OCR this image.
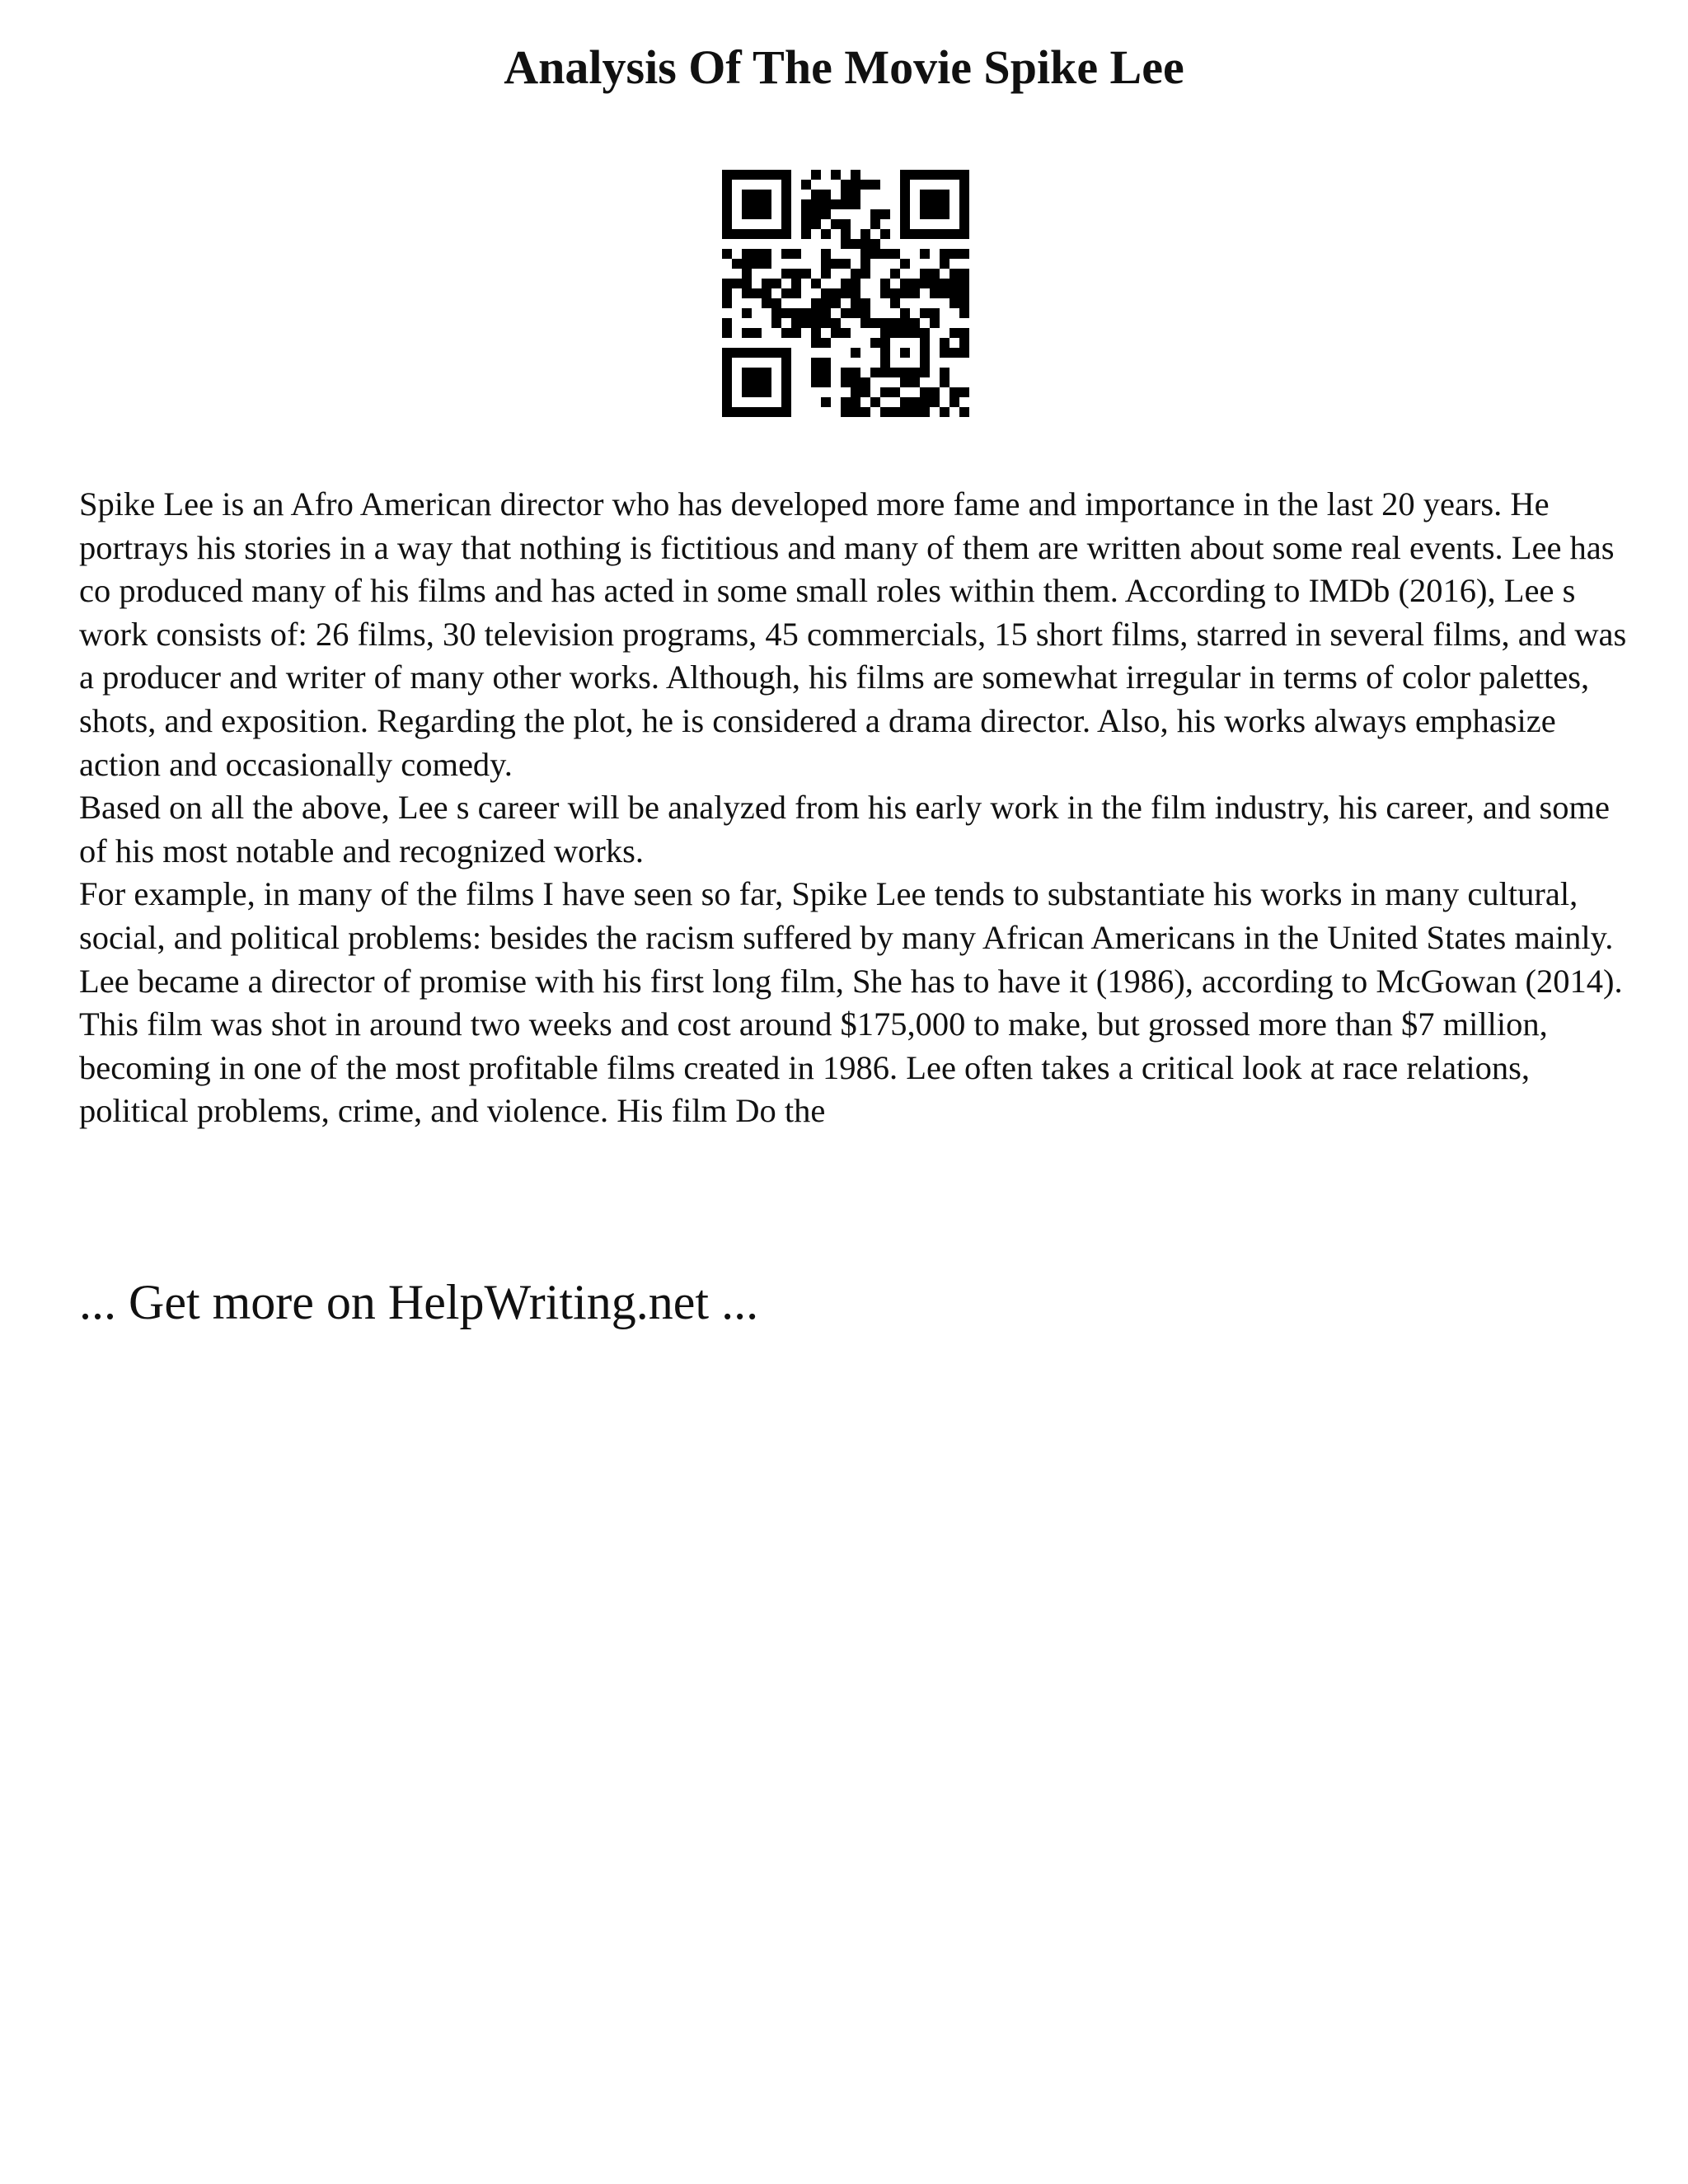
Analysis Of The Movie Spike Lee

Spike Lee is an Afro American director who has developed more fame and importance in the last 20 years. He portrays his stories in a way that nothing is fictitious and many of them are written about some real events. Lee has co produced many of his films and has acted in some small roles within them. According to IMDb (2016), Lee s work consists of: 26 films, 30 television programs, 45 commercials, 15 short films, starred in several films, and was a producer and writer of many other works. Although, his films are somewhat irregular in terms of color palettes, shots, and exposition. Regarding the plot, he is considered a drama director. Also, his works always emphasize action and occasionally comedy.

Based on all the above, Lee s career will be analyzed from his early work in the film industry, his career, and some of his most notable and recognized works.

For example, in many of the films I have seen so far, Spike Lee tends to substantiate his works in many cultural, social, and political problems: besides the racism suffered by many African Americans in the United States mainly. Lee became a director of promise with his first long film, She has to have it (1986), according to McGowan (2014). This film was shot in around two weeks and cost around $175,000 to make, but grossed more than $7 million, becoming in one of the most profitable films created in 1986. Lee often takes a critical look at race relations, political problems, crime, and violence. His film Do the

... Get more on HelpWriting.net ...
